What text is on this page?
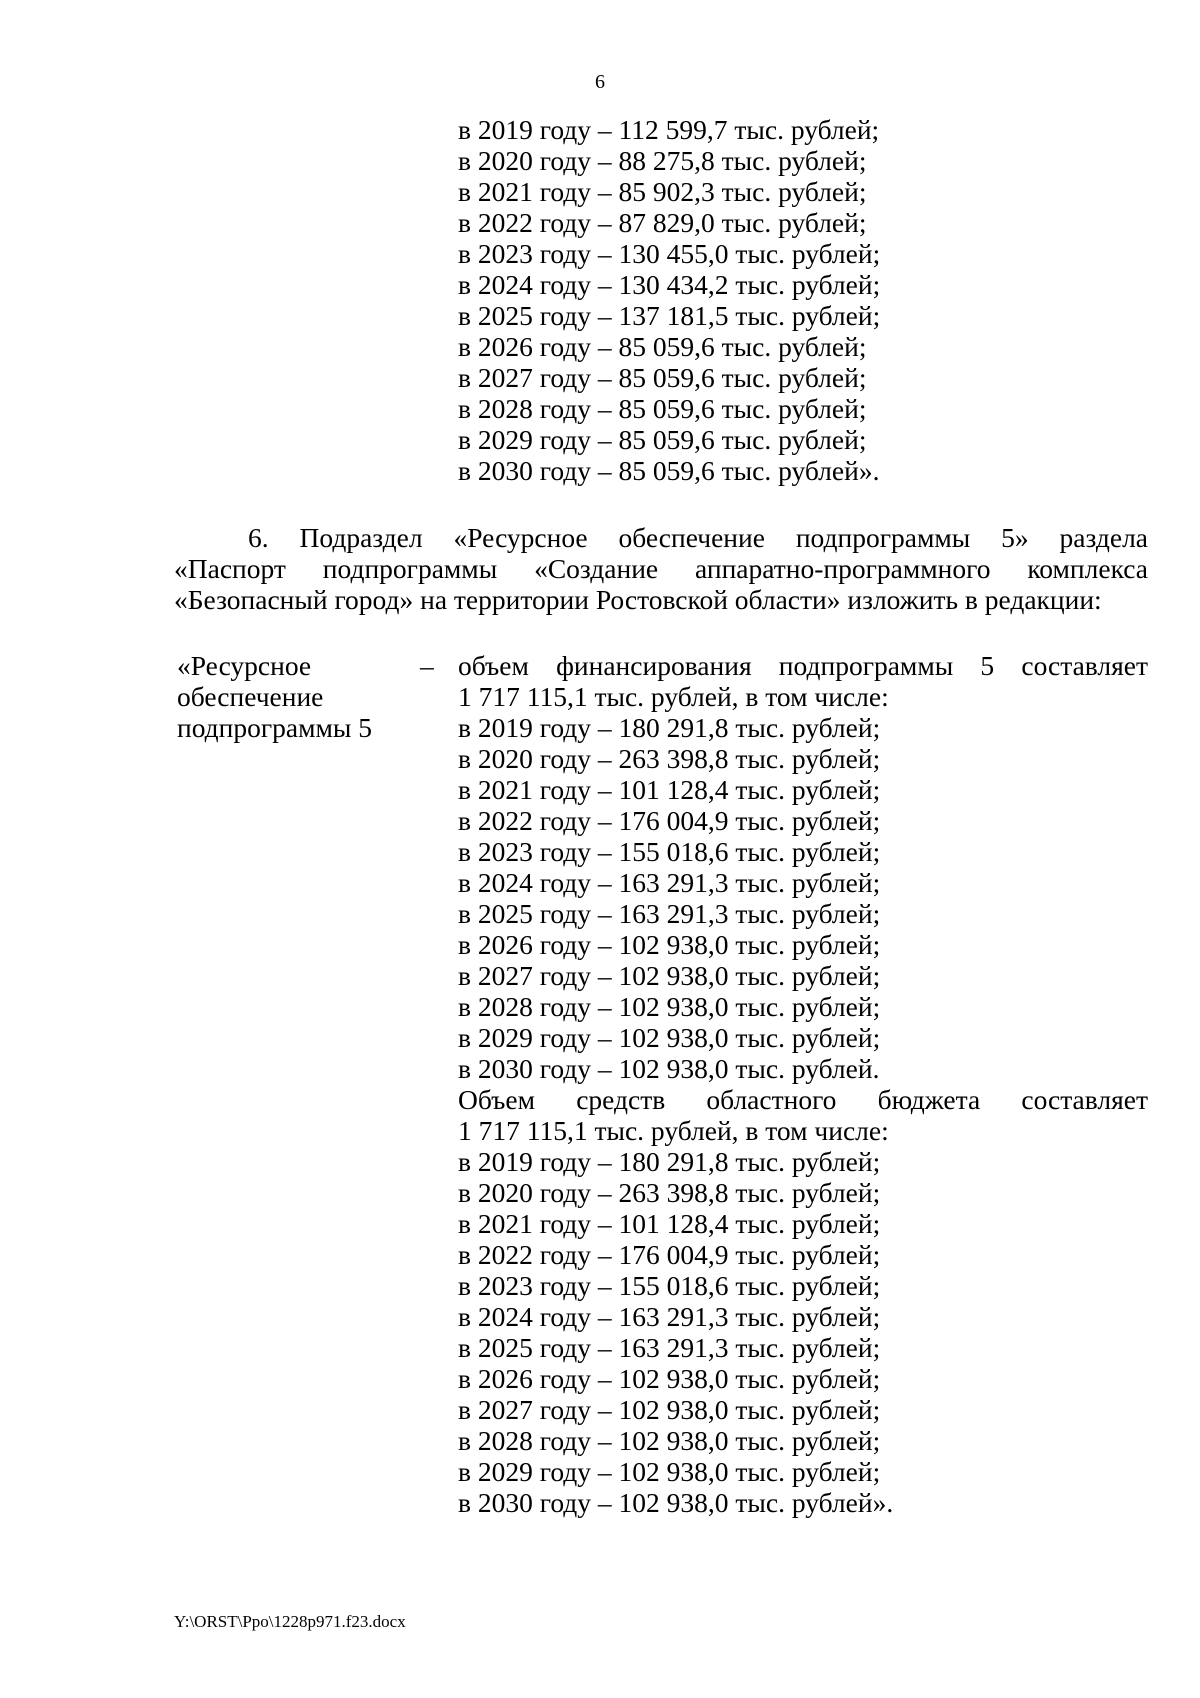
6
в 2019 году – 112 599,7 тыс. рублей;
в 2020 году – 88 275,8 тыс. рублей;
в 2021 году – 85 902,3 тыс. рублей;
в 2022 году – 87 829,0 тыс. рублей;
в 2023 году – 130 455,0 тыс. рублей;
в 2024 году – 130 434,2 тыс. рублей;
в 2025 году – 137 181,5 тыс. рублей;
в 2026 году – 85 059,6 тыс. рублей;
в 2027 году – 85 059,6 тыс. рублей;
в 2028 году – 85 059,6 тыс. рублей;
в 2029 году – 85 059,6 тыс. рублей;
в 2030 году – 85 059,6 тыс. рублей».
6. Подраздел «Ресурсное обеспечение подпрограммы 5» раздела
«Паспорт подпрограммы «Создание аппаратно-программного комплекса
«Безопасный город» на территории Ростовской области» изложить в редакции:
«Ресурсное
обеспечение
подпрограммы 5
– объем финансирования подпрограммы 5 составляет
1 717 115,1 тыс. рублей, в том числе:
в 2019 году – 180 291,8 тыс. рублей;
в 2020 году – 263 398,8 тыс. рублей;
в 2021 году – 101 128,4 тыс. рублей;
в 2022 году – 176 004,9 тыс. рублей;
в 2023 году – 155 018,6 тыс. рублей;
в 2024 году – 163 291,3 тыс. рублей;
в 2025 году – 163 291,3 тыс. рублей;
в 2026 году – 102 938,0 тыс. рублей;
в 2027 году – 102 938,0 тыс. рублей;
в 2028 году – 102 938,0 тыс. рублей;
в 2029 году – 102 938,0 тыс. рублей;
в 2030 году – 102 938,0 тыс. рублей.
Объем средств областного бюджета составляет
1 717 115,1 тыс. рублей, в том числе:
в 2019 году – 180 291,8 тыс. рублей;
в 2020 году – 263 398,8 тыс. рублей;
в 2021 году – 101 128,4 тыс. рублей;
в 2022 году – 176 004,9 тыс. рублей;
в 2023 году – 155 018,6 тыс. рублей;
в 2024 году – 163 291,3 тыс. рублей;
в 2025 году – 163 291,3 тыс. рублей;
в 2026 году – 102 938,0 тыс. рублей;
в 2027 году – 102 938,0 тыс. рублей;
в 2028 году – 102 938,0 тыс. рублей;
в 2029 году – 102 938,0 тыс. рублей;
в 2030 году – 102 938,0 тыс. рублей».
Y:\ORST\Ppo\1228p971.f23.docx
